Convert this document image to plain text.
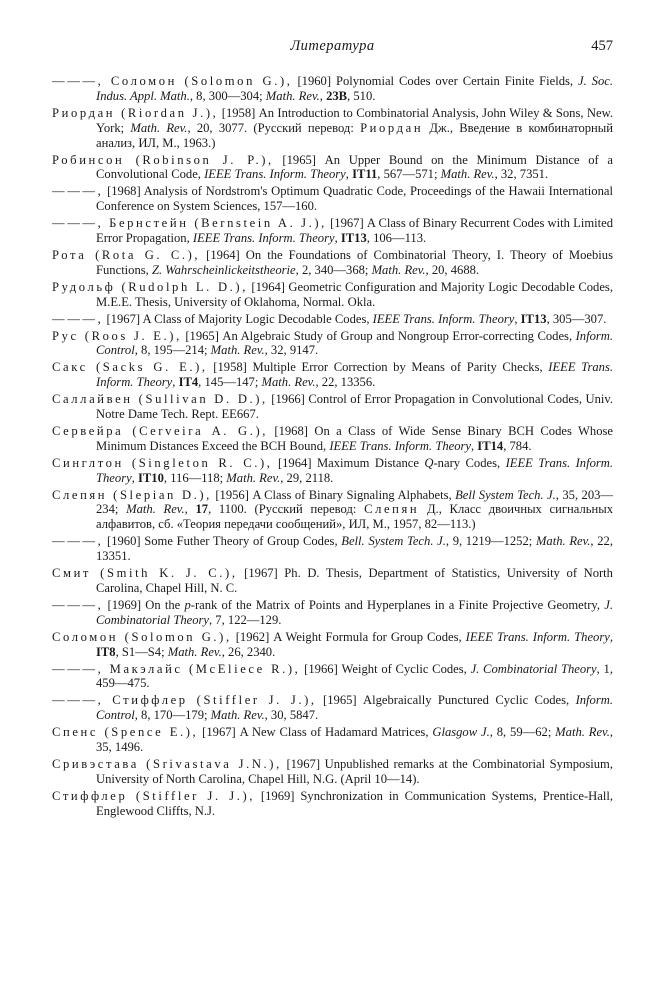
Литература	457

———, Соломон (Solomon G.), [1960] Polynomial Codes over Certain Finite Fields, J. Soc. Indus. Appl. Math., 8, 300—304; Math. Rev., 23B, 510.

Риордан (Riordan J.), [1958] An Introduction to Combinatorial Analysis, John Wiley & Sons, New. York; Math. Rev., 20, 3077. (Русский перевод: Риордан Дж., Введение в комбинаторный анализ, ИЛ, М., 1963.)

Робинсон (Robinson J. P.), [1965] An Upper Bound on the Minimum Distance of a Convolutional Code, IEEE Trans. Inform. Theory, IT11, 567—571; Math. Rev., 32, 7351.

———, [1968] Analysis of Nordstrom's Optimum Quadratic Code, Proceedings of the Hawaii International Conference on System Sciences, 157—160.

———, Бернстейн (Bernstein A. J.), [1967] A Class of Binary Recurrent Codes with Limited Error Propagation, IEEE Trans. Inform. Theory, IT13, 106—113.

Рота (Rota G. C.), [1964] On the Foundations of Combinatorial Theory, I. Theory of Moebius Functions, Z. Wahrscheinlickeitstheorie, 2, 340—368; Math. Rev., 20, 4688.

Рудольф (Rudolph L. D.), [1964] Geometric Configuration and Majority Logic Decodable Codes, M.E.E. Thesis, University of Oklahoma, Normal. Okla.

———, [1967] A Class of Majority Logic Decodable Codes, IEEE Trans. Inform. Theory, IT13, 305—307.

Рус (Roos J. E.), [1965] An Algebraic Study of Group and Nongroup Error-correcting Codes, Inform. Control, 8, 195—214; Math. Rev., 32, 9147.

Сакс (Sacks G. E.), [1958] Multiple Error Correction by Means of Parity Checks, IEEE Trans. Inform. Theory, IT4, 145—147; Math. Rev., 22, 13356.

Саллайвен (Sullivan D. D.), [1966] Control of Error Propagation in Convolutional Codes, Univ. Notre Dame Tech. Rept. EE667.

Сервейра (Cerveira A. G.), [1968] On a Class of Wide Sense Binary BCH Codes Whose Minimum Distances Exceed the BCH Bound, IEEE Trans. Inform. Theory, IT14, 784.

Синглтон (Singleton R. C.), [1964] Maximum Distance Q-nary Codes, IEEE Trans. Inform. Theory, IT10, 116—118; Math. Rev., 29, 2118.

Слепян (Slepian D.), [1956] A Class of Binary Signaling Alphabets, Bell System Tech. J., 35, 203—234; Math. Rev., 17, 1100. (Русский перевод: Слепян Д., Класс двоичных сигнальных алфавитов, сб. «Теория передачи сообщений», ИЛ, М., 1957, 82—113.)

———, [1960] Some Futher Theory of Group Codes, Bell. System Tech. J., 9, 1219—1252; Math. Rev., 22, 13351.

Смит (Smith K. J. C.), [1967] Ph. D. Thesis, Department of Statistics, University of North Carolina, Chapel Hill, N. C.

———, [1969] On the p-rank of the Matrix of Points and Hyperplanes in a Finite Projective Geometry, J. Combinatorial Theory, 7, 122—129.

Соломон (Solomon G.), [1962] A Weight Formula for Group Codes, IEEE Trans. Inform. Theory, IT8, S1—S4; Math. Rev., 26, 2340.

———, Макэлайс (McEliece R.), [1966] Weight of Cyclic Codes, J. Combinatorial Theory, 1, 459—475.

———, Стиффлер (Stiffler J. J.), [1965] Algebraically Punctured Cyclic Codes, Inform. Control, 8, 170—179; Math. Rev., 30, 5847.

Спенс (Spence E.), [1967] A New Class of Hadamard Matrices, Glasgow J., 8, 59—62; Math. Rev., 35, 1496.

Сривэстава (Srivastava J.N.), [1967] Unpublished remarks at the Combinatorial Symposium, University of North Carolina, Chapel Hill, N.G. (April 10—14).

Стиффлер (Stiffler J. J.), [1969] Synchronization in Communication Systems, Prentice-Hall, Englewood Cliffts, N.J.
